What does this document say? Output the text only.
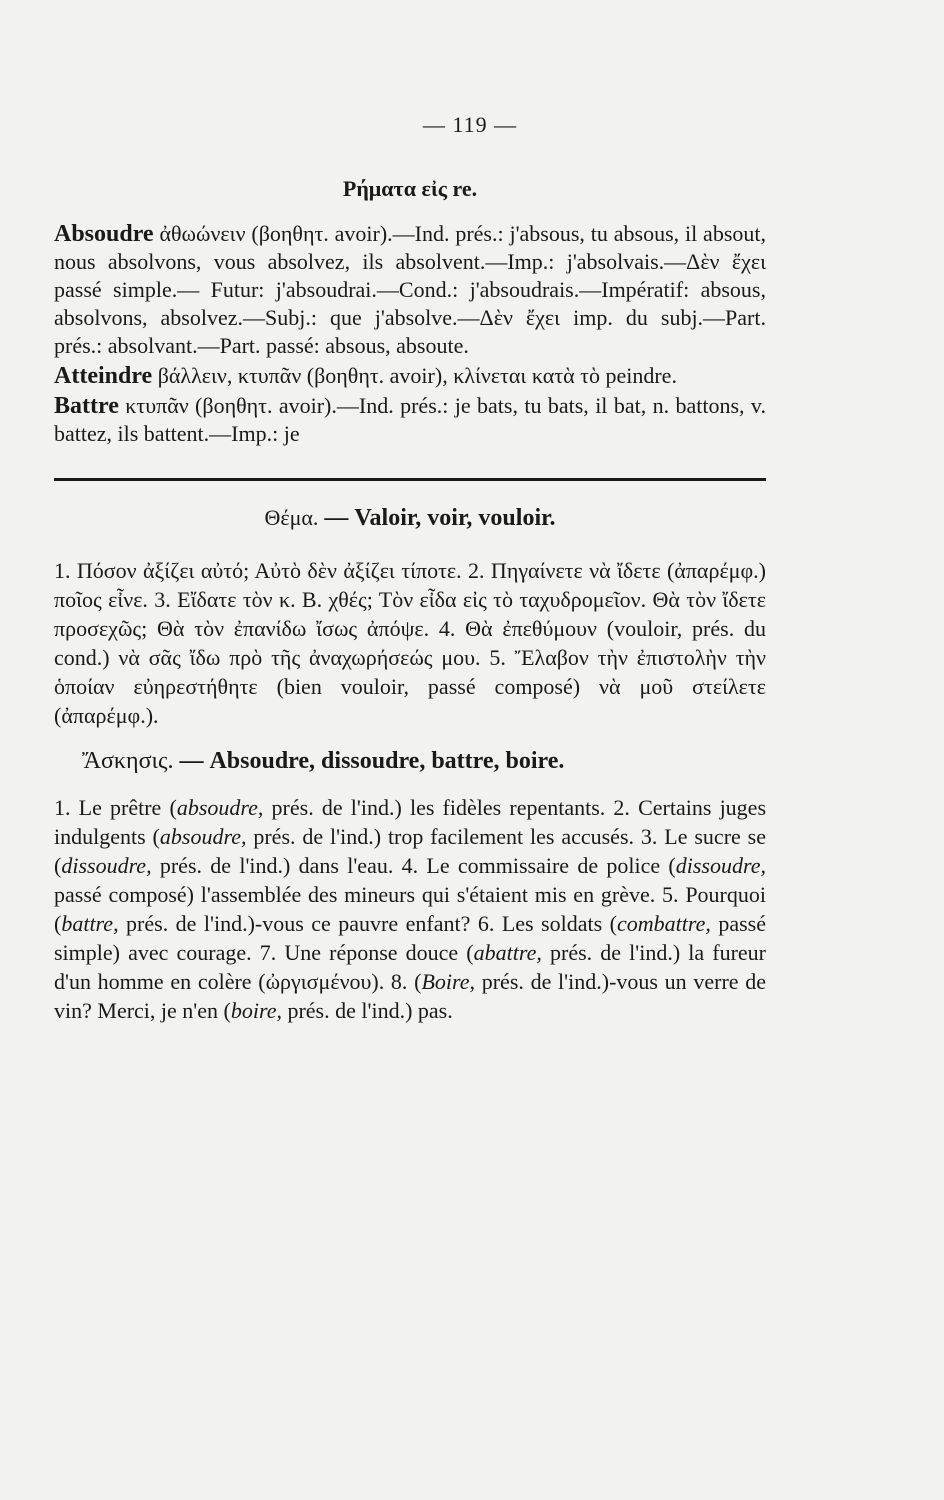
— 119 —
Ρήματα εἰς re.

Absoudre ἀθωώνειν (βοηθητ. avoir).—Ind. prés.: j'absous, tu absous, il absout, nous absolvons, vous absolvez, ils absolvent.—Imp.: j'absolvais.—Δὲν ἔχει passé simple.— Futur: j'absoudrai.—Cond.: j'absoudrais.—Impératif: absous, absolvons, absolvez.—Subj.: que j'absolve.—Δὲν ἔχει imp. du subj.—Part. prés.: absolvant.—Part. passé: absous, absoute.

Atteindre βάλλειν, κτυπᾶν (βοηθητ. avoir), κλίνεται κατὰ τὸ peindre.

Battre κτυπᾶν (βοηθητ. avoir).—Ind. prés.: je bats, tu bats, il bat, n. battons, v. battez, ils battent.—Imp.: je

Θέμα. — Valoir, voir, vouloir.

1. Πόσον ἀξίζει αὐτό; Αὐτὸ δὲν ἀξίζει τίποτε. 2. Πηγαίνετε νὰ ἴδετε (ἀπαρέμφ.) ποῖος εἶνε. 3. Εἴδατε τὸν κ. Β. χθές; Τὸν εἶδα εἰς τὸ ταχυδρομεῖον. Θὰ τὸν ἴδετε προσεχῶς; Θὰ τὸν ἐπανίδω ἴσως ἀπόψε. 4. Θὰ ἐπεθύμουν (vouloir, prés. du cond.) νὰ σᾶς ἴδω πρὸ τῆς ἀναχωρήσεώς μου. 5. Ἔλαβον τὴν ἐπιστολὴν τὴν ὁποίαν εὐηρεστήθητε (bien vouloir, passé composé) νὰ μοῦ στείλετε (ἀπαρέμφ.).

Ἄσκησις. — Absoudre, dissoudre, battre, boire.

1. Le prêtre (absoudre, prés. de l'ind.) les fidèles repentants. 2. Certains juges indulgents (absoudre, prés. de l'ind.) trop facilement les accusés. 3. Le sucre se (dissoudre, prés. de l'ind.) dans l'eau. 4. Le commissaire de police (dissoudre, passé composé) l'assemblée des mineurs qui s'étaient mis en grève. 5. Pourquoi (battre, prés. de l'ind.)-vous ce pauvre enfant? 6. Les soldats (combattre, passé simple) avec courage. 7. Une réponse douce (abattre, prés. de l'ind.) la fureur d'un homme en colère (ὠργισμένου). 8. (Boire, prés. de l'ind.)-vous un verre de vin? Merci, je n'en (boire, prés. de l'ind.) pas.
